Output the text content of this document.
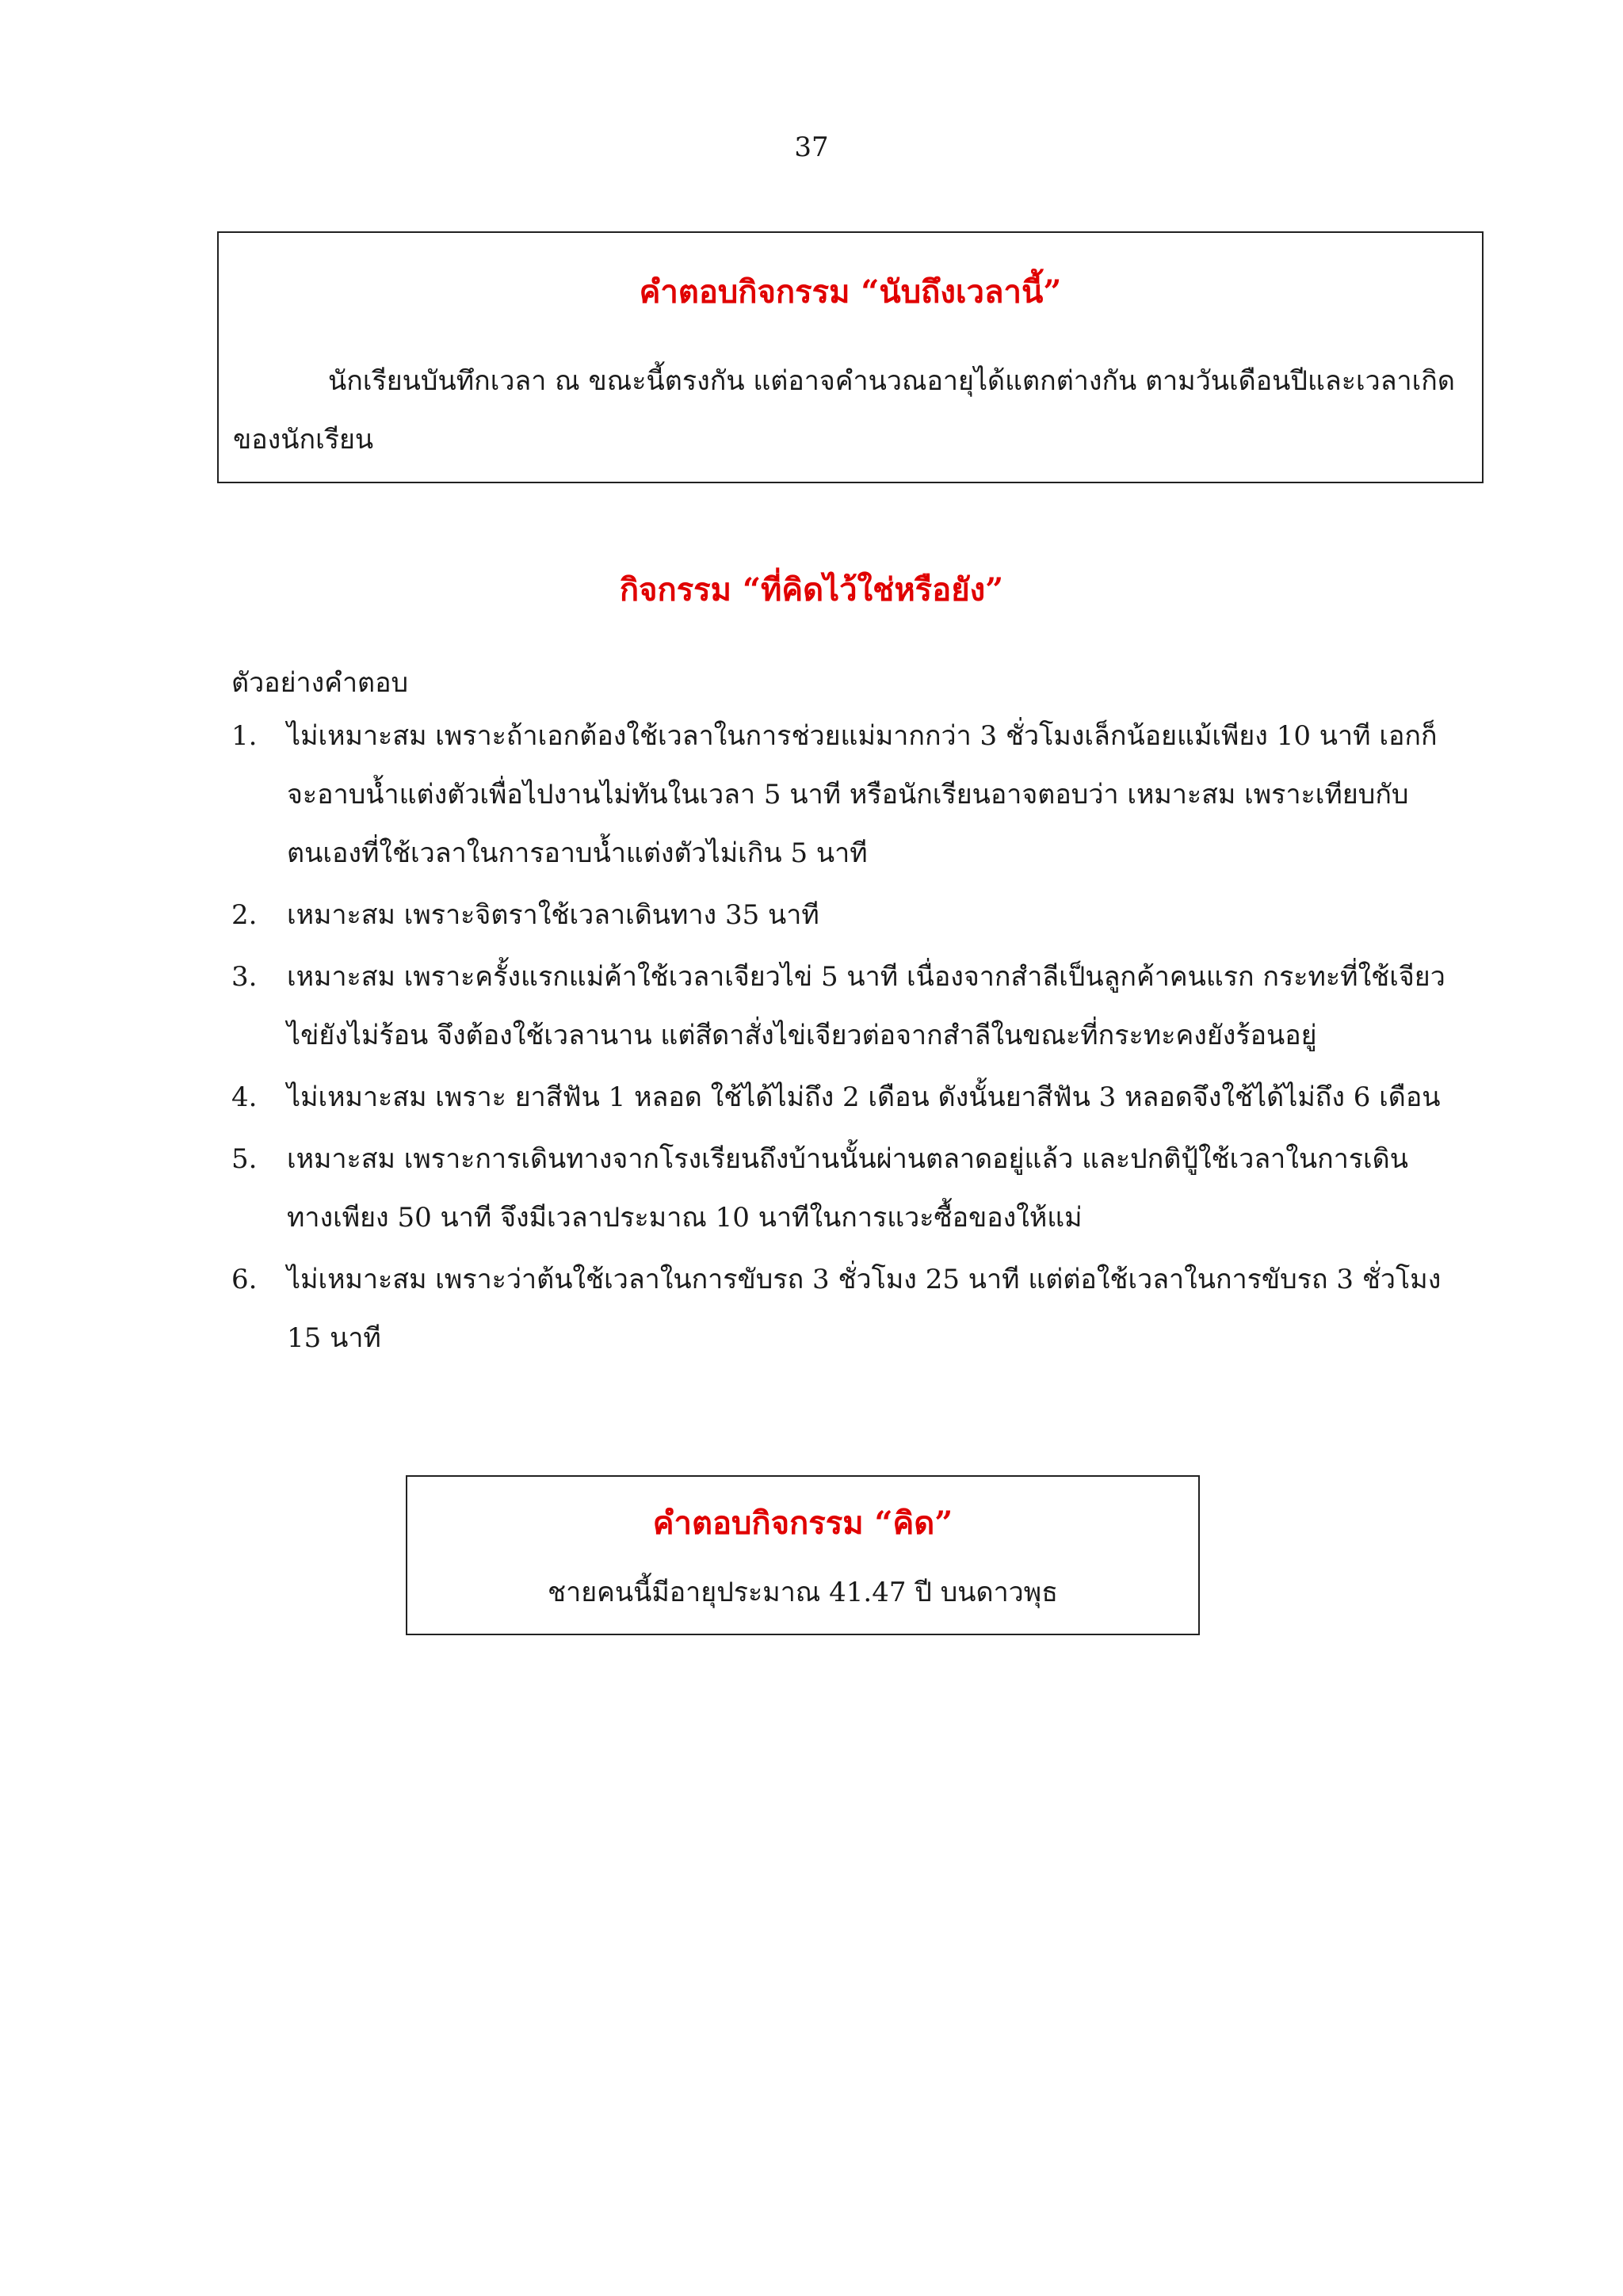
37
คำตอบกิจกรรม “นับถึงเวลานี้”
นักเรียนบันทึกเวลา ณ ขณะนี้ตรงกัน แต่อาจคำนวณอายุได้แตกต่างกัน ตามวันเดือนปีและเวลาเกิดของนักเรียน
กิจกรรม “ที่คิดไว้ใช่หรือยัง”
ตัวอย่างคำตอบ
1. ไม่เหมาะสม เพราะถ้าเอกต้องใช้เวลาในการช่วยแม่มากกว่า 3 ชั่วโมงเล็กน้อยแม้เพียง 10 นาที เอกก็จะอาบน้ำแต่งตัวเพื่อไปงานไม่ทันในเวลา 5 นาที หรือนักเรียนอาจตอบว่า เหมาะสม เพราะเทียบกับตนเองที่ใช้เวลาในการอาบน้ำแต่งตัวไม่เกิน 5 นาที
2. เหมาะสม เพราะจิตราใช้เวลาเดินทาง 35 นาที
3. เหมาะสม เพราะครั้งแรกแม่ค้าใช้เวลาเจียวไข่ 5 นาที เนื่องจากสำลีเป็นลูกค้าคนแรก กระทะที่ใช้เจียวไข่ยังไม่ร้อน จึงต้องใช้เวลานาน แต่สีดาสั่งไข่เจียวต่อจากสำลีในขณะที่กระทะคงยังร้อนอยู่
4. ไม่เหมาะสม เพราะ ยาสีฟัน 1 หลอด ใช้ได้ไม่ถึง 2 เดือน ดังนั้นยาสีฟัน 3 หลอดจึงใช้ได้ไม่ถึง 6 เดือน
5. เหมาะสม เพราะการเดินทางจากโรงเรียนถึงบ้านนั้นผ่านตลาดอยู่แล้ว และปกติปู้ใช้เวลาในการเดินทางเพียง 50 นาที จึงมีเวลาประมาณ 10 นาทีในการแวะซื้อของให้แม่
6. ไม่เหมาะสม เพราะว่าต้นใช้เวลาในการขับรถ 3 ชั่วโมง 25 นาที แต่ต่อใช้เวลาในการขับรถ 3 ชั่วโมง 15 นาที
คำตอบกิจกรรม “คิด”
ชายคนนี้มีอายุประมาณ 41.47 ปี บนดาวพุธ
